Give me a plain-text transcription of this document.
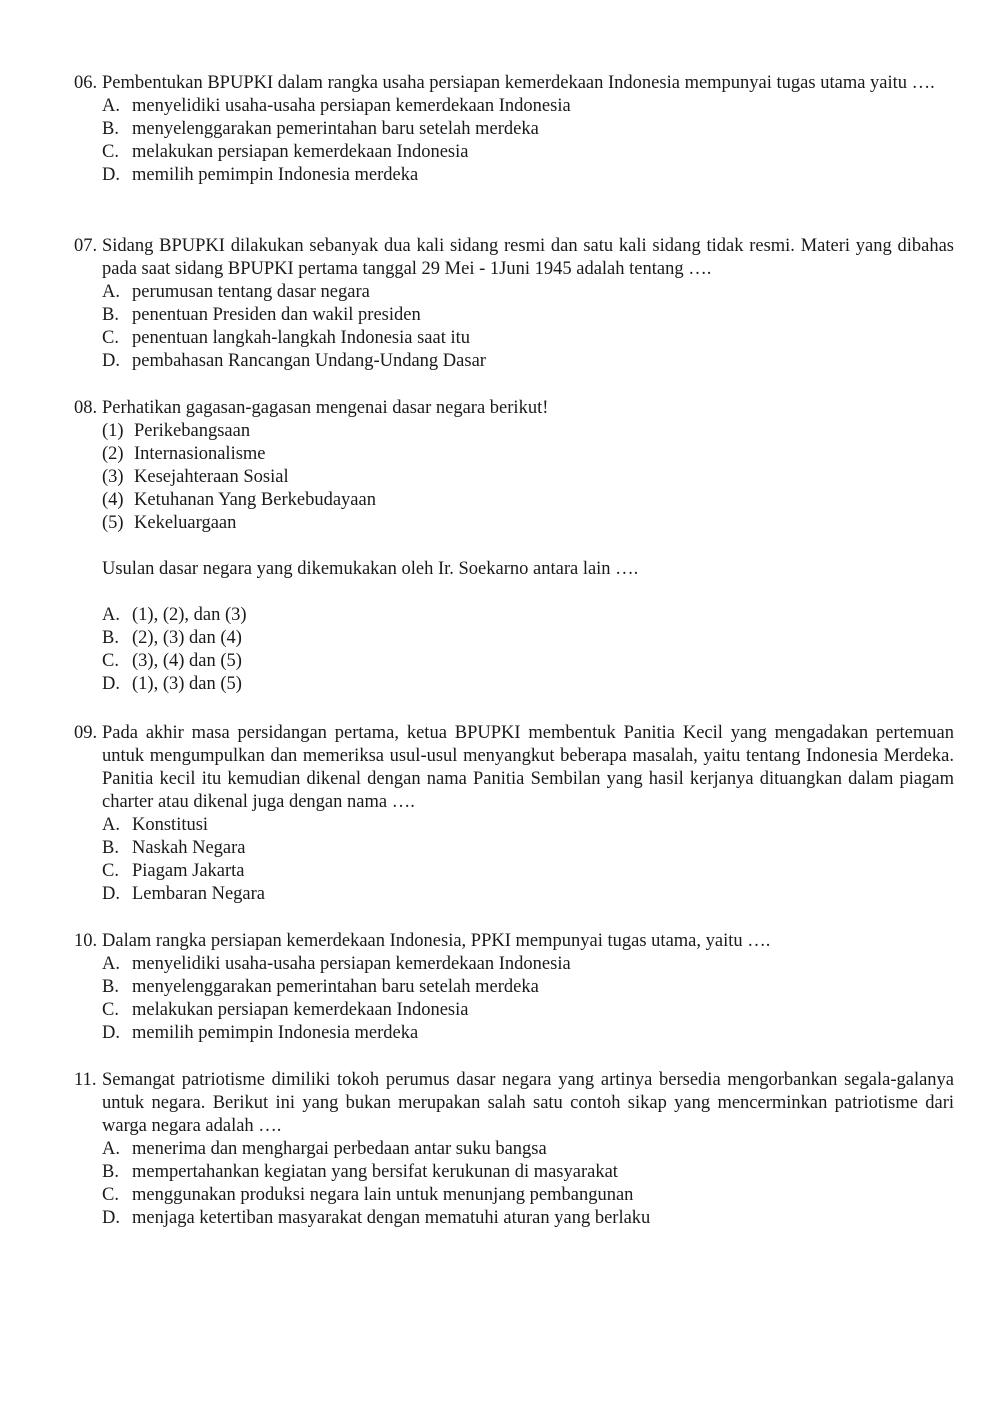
06. Pembentukan BPUPKI dalam rangka usaha persiapan kemerdekaan Indonesia mempunyai tugas utama yaitu ….
A. menyelidiki usaha-usaha persiapan kemerdekaan Indonesia
B. menyelenggarakan pemerintahan baru setelah merdeka
C. melakukan persiapan kemerdekaan Indonesia
D. memilih pemimpin Indonesia merdeka
07. Sidang BPUPKI dilakukan sebanyak dua kali sidang resmi dan satu kali sidang tidak resmi. Materi yang dibahas pada saat sidang BPUPKI pertama tanggal 29 Mei - 1Juni 1945 adalah tentang ….
A. perumusan tentang dasar negara
B. penentuan Presiden dan wakil presiden
C. penentuan langkah-langkah Indonesia saat itu
D. pembahasan Rancangan Undang-Undang Dasar
08. Perhatikan gagasan-gagasan mengenai dasar negara berikut!
(1) Perikebangsaan
(2) Internasionalisme
(3) Kesejahteraan Sosial
(4) Ketuhanan Yang Berkebudayaan
(5) Kekeluargaan
Usulan dasar negara yang dikemukakan oleh Ir. Soekarno antara lain ….
A. (1), (2), dan (3)
B. (2), (3) dan (4)
C. (3), (4) dan (5)
D. (1), (3) dan (5)
09. Pada akhir masa persidangan pertama, ketua BPUPKI membentuk Panitia Kecil yang mengadakan pertemuan untuk mengumpulkan dan memeriksa usul-usul menyangkut beberapa masalah, yaitu tentang Indonesia Merdeka. Panitia kecil itu kemudian dikenal dengan nama Panitia Sembilan yang hasil kerjanya dituangkan dalam piagam charter atau dikenal juga dengan nama ….
A. Konstitusi
B. Naskah Negara
C. Piagam Jakarta
D. Lembaran Negara
10. Dalam rangka persiapan kemerdekaan Indonesia, PPKI mempunyai tugas utama, yaitu ….
A. menyelidiki usaha-usaha persiapan kemerdekaan Indonesia
B. menyelenggarakan pemerintahan baru setelah merdeka
C. melakukan persiapan kemerdekaan Indonesia
D. memilih pemimpin Indonesia merdeka
11. Semangat patriotisme dimiliki tokoh perumus dasar negara yang artinya bersedia mengorbankan segala-galanya untuk negara. Berikut ini yang bukan merupakan salah satu contoh sikap yang mencerminkan patriotisme dari warga negara adalah ….
A. menerima dan menghargai perbedaan antar suku bangsa
B. mempertahankan kegiatan yang bersifat kerukunan di masyarakat
C. menggunakan produksi negara lain untuk menunjang pembangunan
D. menjaga ketertiban masyarakat dengan mematuhi aturan yang berlaku
